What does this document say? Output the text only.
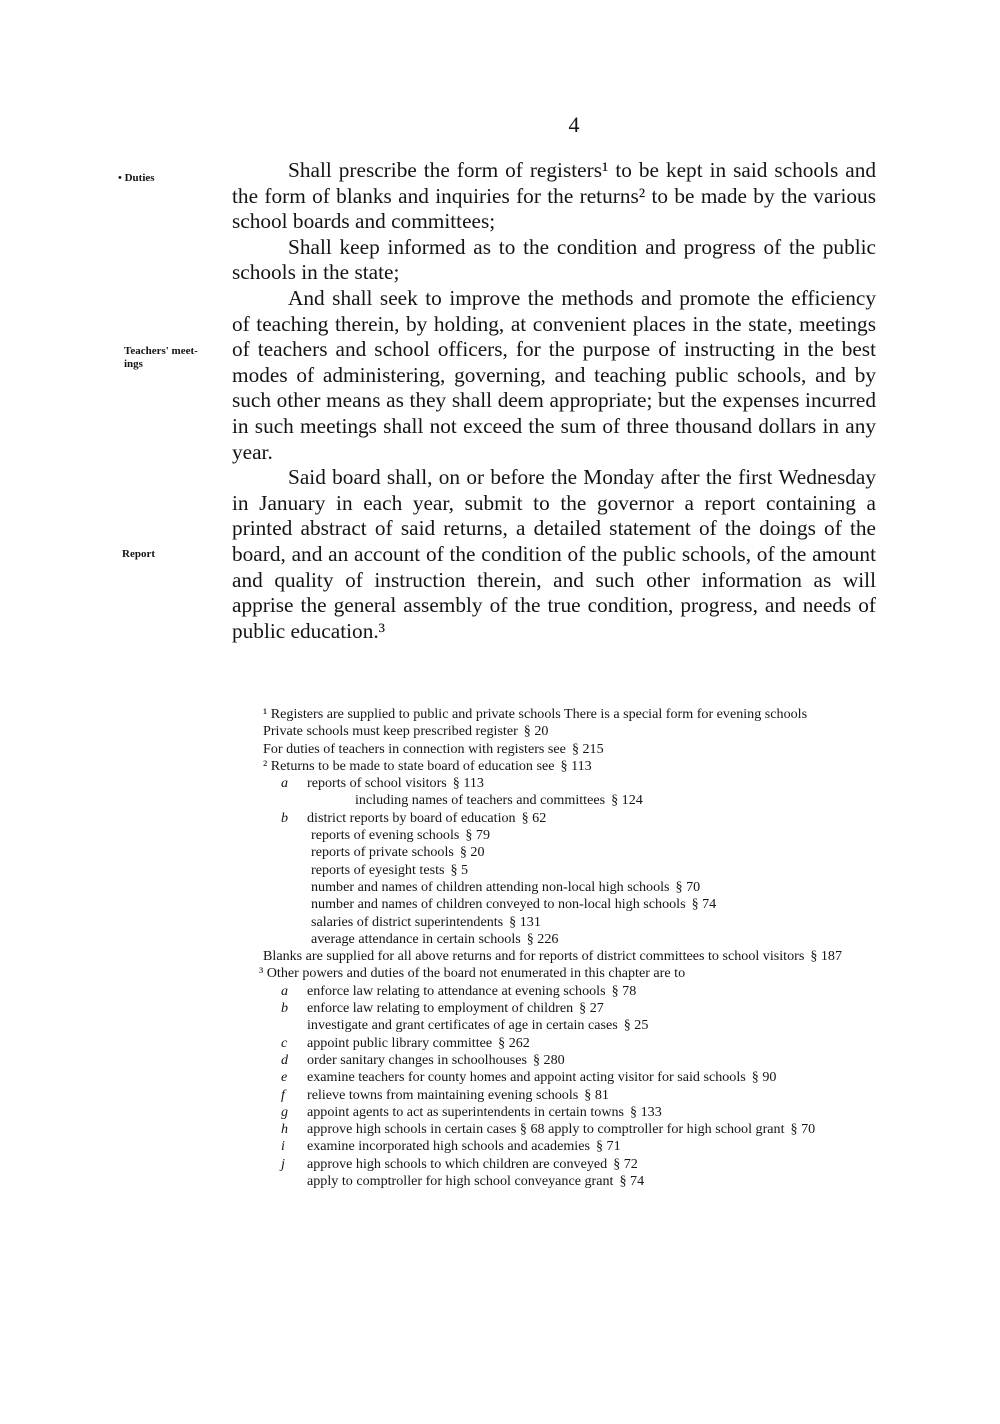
4
• Duties
Teachers' meet-
ings
Report

Shall prescribe the form of registers¹ to be kept in said schools and the form of blanks and inquiries for the returns² to be made by the various school boards and committees;

Shall keep informed as to the condition and progress of the public schools in the state;

And shall seek to improve the methods and promote the efficiency of teaching therein, by holding, at convenient places in the state, meetings of teachers and school officers, for the purpose of instructing in the best modes of administering, governing, and teaching public schools, and by such other means as they shall deem appropriate; but the expenses incurred in such meetings shall not exceed the sum of three thousand dollars in any year.

Said board shall, on or before the Monday after the first Wednesday in January in each year, submit to the governor a report containing a printed abstract of said returns, a detailed statement of the doings of the board, and an account of the condition of the public schools, of the amount and quality of instruction therein, and such other information as will apprise the general assembly of the true condition, progress, and needs of public education.³

¹ Registers are supplied to public and private schools There is a special form for evening schools
Private schools must keep prescribed register § 20
For duties of teachers in connection with registers see § 215
² Returns to be made to state board of education see § 113
a reports of school visitors § 113
including names of teachers and committees § 124
b district reports by board of education § 62
reports of evening schools § 79
reports of private schools § 20
reports of eyesight tests § 5
number and names of children attending non-local high schools § 70
number and names of children conveyed to non-local high schools § 74
salaries of district superintendents § 131
average attendance in certain schools § 226
Blanks are supplied for all above returns and for reports of district committees to school visitors § 187
³ Other powers and duties of the board not enumerated in this chapter are to
a enforce law relating to attendance at evening schools § 78
b enforce law relating to employment of children § 27
investigate and grant certificates of age in certain cases § 25
c appoint public library committee § 262
d order sanitary changes in schoolhouses § 280
e examine teachers for county homes and appoint acting visitor for said schools § 90
f relieve towns from maintaining evening schools § 81
g appoint agents to act as superintendents in certain towns § 133
h approve high schools in certain cases § 68 apply to comptroller for high school grant § 70
i examine incorporated high schools and academies § 71
j approve high schools to which children are conveyed § 72
apply to comptroller for high school conveyance grant § 74
